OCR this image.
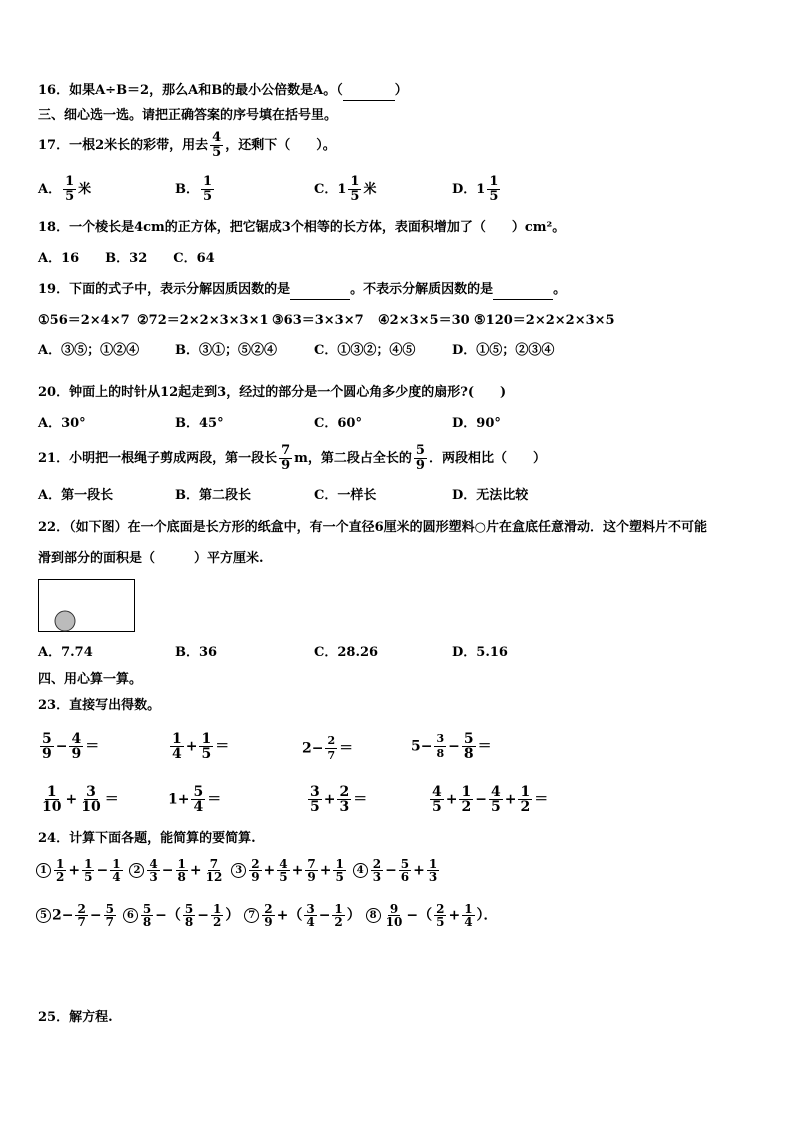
16．如果A÷B＝2，那么A和B的最小公倍数是A。（	）
三、细心选一选。请把正确答案的序号填在括号里。
17．一根2米长的彩带，用去 $\frac{4}{5}$ ，还剩下（　　）。
A． $\frac{1}{5}$ 米	B． $\frac{1}{5}$	C．$1 \frac{1}{5}$ 米	D．$1 \frac{1}{5}$
18．一个棱长是4cm的正方体，把它锯成3个相等的长方体，表面积增加了（　　）cm²。
A．16　　B．32　　C．64
19．下面的式子中，表示分解因质因数的是	。不表示分解质因数的是	。
①56＝2×4×7 ②72＝2×2×3×3×1 ③63＝3×3×7 ④2×3×5＝30 ⑤120＝2×2×2×3×5
A．③⑤；①②④	B．③①；⑤②④	C．①③②；④⑤	D．①⑤；②③④
20．钟面上的时针从12起走到3，经过的部分是一个圆心角多少度的扇形?(　　)
A．30°	B．45°	C．60°	D．90°
21．小明把一根绳子剪成两段，第一段长 $\frac{7}{9}$ m，第二段占全长的 $\frac{5}{9}$ ．两段相比（　　）
A．第一段长	B．第二段长	C．一样长	D．无法比较
22．（如下图）在一个底面是长方形的纸盒中，有一个直径6厘米的圆形塑料○片在盒底任意滑动．这个塑料片不可能
滑到部分的面积是（　　　）平方厘米.
A．7.74	B．36	C．28.26	D．5.16
四、用心算一算。
23．直接写出得数。
$\frac{5}{9} - \frac{4}{9}$ ＝	$\frac{1}{4} + \frac{1}{5}$ ＝	$2- \frac{2}{7}$ ＝	$5- \frac{3}{8} - \frac{5}{8}$ ＝
$\frac{1}{10} + \frac{3}{10}$ ＝	$1+ \frac{5}{4}$ ＝	$\frac{3}{5} + \frac{2}{3}$ ＝	$\frac{4}{5} + \frac{1}{2} - \frac{4}{5} + \frac{1}{2}$ ＝
24．计算下面各题，能简算的要简算.
$1 \frac{1}{2} + \frac{1}{5} - \frac{1}{4} 2 \frac{4}{3} - \frac{1}{8} + \frac{7}{12} 3 \frac{2}{9} + \frac{4}{5} + \frac{7}{9} + \frac{1}{5} 4 \frac{2}{3} - \frac{5}{6} + \frac{1}{3}$
5 $2- \frac{2}{7} - \frac{5}{7} 6 \frac{5}{8}$ −（ $\frac{5}{8} - \frac{1}{2}$ ） $7 \frac{2}{9}$ +（ $\frac{3}{4} - \frac{1}{2}$ ） $8 \frac{9}{10}$ −（ $\frac{2}{5} + \frac{1}{4}$ ）．
25．解方程.
